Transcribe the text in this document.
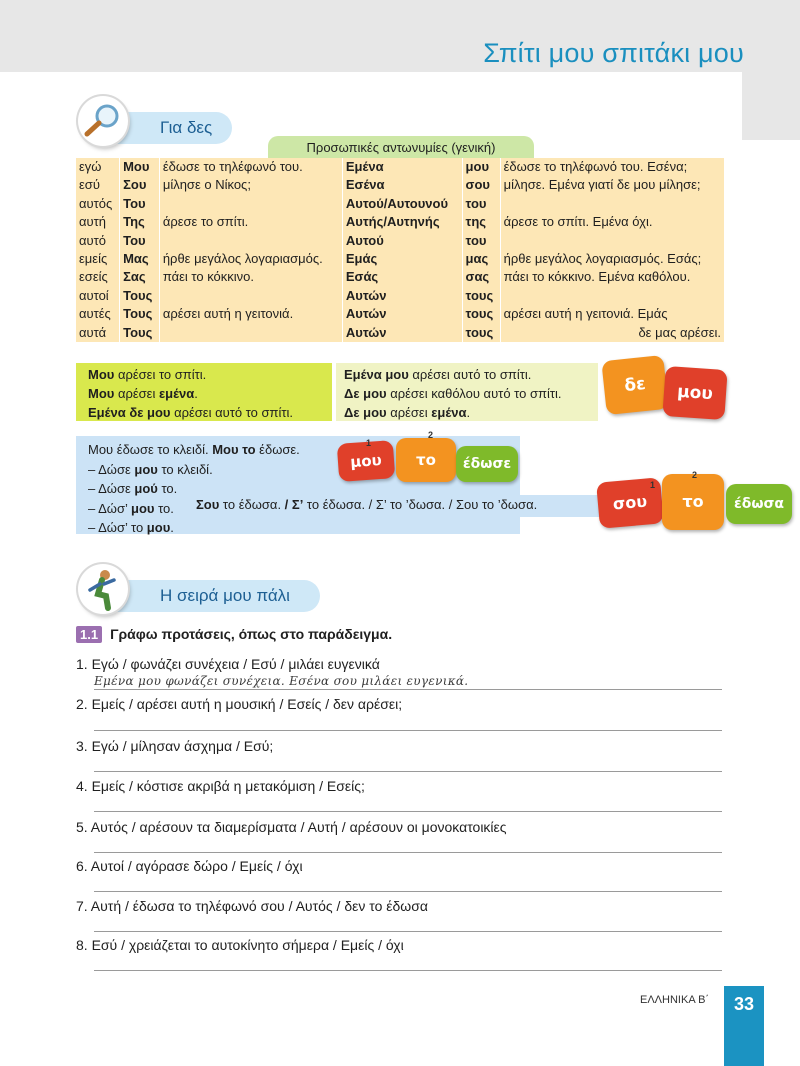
Σπίτι μου σπιτάκι μου
Για δες
Προσωπικές αντωνυμίες (γενική)
εγώ	Μου	έδωσε το τηλέφωνό του.	Εμένα	μου	έδωσε το τηλέφωνό του. Εσένα;
εσύ	Σου	μίλησε ο Νίκος;	Εσένα	σου	μίλησε. Εμένα γιατί δε μου μίλησε;
αυτός	Του		Αυτού/Αυτουνού	του	
αυτή	Της	άρεσε το σπίτι.	Αυτής/Αυτηνής	της	άρεσε το σπίτι. Εμένα όχι.
αυτό	Του		Αυτού	του	
εμείς	Μας	ήρθε μεγάλος λογαριασμός.	Εμάς	μας	ήρθε μεγάλος λογαριασμός. Εσάς;
εσείς	Σας	πάει το κόκκινο.	Εσάς	σας	πάει το κόκκινο. Εμένα καθόλου.
αυτοί	Τους		Αυτών	τους	
αυτές	Τους	αρέσει αυτή η γειτονιά.	Αυτών	τους	αρέσει αυτή η γειτονιά. Εμάς
αυτά	Τους		Αυτών	τους	δε μας αρέσει.
Μου αρέσει το σπίτι.
Μου αρέσει εμένα.
Εμένα δε μου αρέσει αυτό το σπίτι.
Εμένα μου αρέσει αυτό το σπίτι.
Δε μου αρέσει καθόλου αυτό το σπίτι.
Δε μου αρέσει εμένα.
δε	μου
Μου έδωσε το κλειδί. Μου το έδωσε.
– Δώσε μου το κλειδί.
– Δώσε μού το.
– Δώσ’ μου το.
– Δώσ’ το μου.
Σου το έδωσα. / Σ’ το έδωσα. / Σ’ το ’δωσα. / Σου το ’δωσα.
μου	το	έδωσε
1
2
σου	το	έδωσα
1
2
Η σειρά μου πάλι
1.1 Γράφω προτάσεις, όπως στο παράδειγμα.
1. Εγώ / φωνάζει συνέχεια / Εσύ / μιλάει ευγενικά
Εμένα μου φωνάζει συνέχεια. Εσένα σου μιλάει ευγενικά.
2. Εμείς / αρέσει αυτή η μουσική / Εσείς / δεν αρέσει;
3. Εγώ / μίλησαν άσχημα / Εσύ;
4. Εμείς / κόστισε ακριβά η μετακόμιση / Εσείς;
5. Αυτός / αρέσουν τα διαμερίσματα / Αυτή / αρέσουν οι μονοκατοικίες
6. Αυτοί / αγόρασε δώρο / Εμείς / όχι
7. Αυτή / έδωσα το τηλέφωνό σου / Αυτός / δεν το έδωσα
8. Εσύ / χρειάζεται το αυτοκίνητο σήμερα / Εμείς / όχι
ΕΛΛΗΝΙΚΑ Β΄	33
